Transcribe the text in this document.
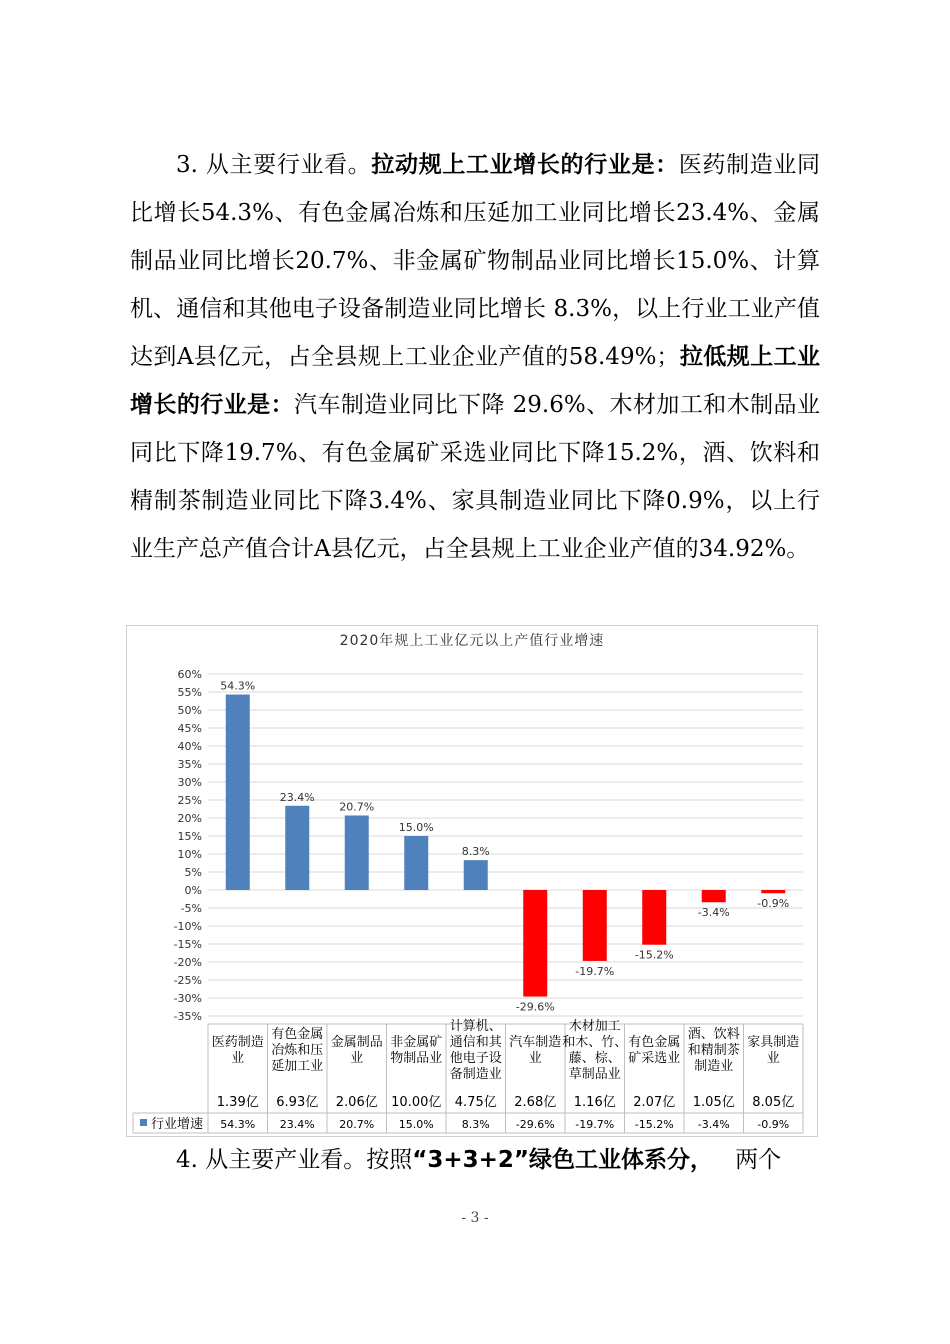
3. 从主要行业看。拉动规上工业增长的行业是：医药制造业同比增长54.3%、有色金属冶炼和压延加工业同比增长23.4%、金属制品业同比增长20.7%、非金属矿物制品业同比增长15.0%、计算机、通信和其他电子设备制造业同比增长 8.3%，以上行业工业产值达到A县亿元，占全县规上工业企业产值的58.49%；拉低规上工业增长的行业是：汽车制造业同比下降 29.6%、木材加工和木制品业同比下降19.7%、有色金属矿采选业同比下降15.2%，酒、饮料和精制茶制造业同比下降3.4%、家具制造业同比下降0.9%，以上行业生产总产值合计A县亿元，占全县规上工业企业产值的34.92%。

2020年规上工业亿元以上产值行业增速
60%
55%
50%
45%
40%
35%
30%
25%
20%
15%
10%
5%
0%
-5%
-10%
-15%
-20%
-25%
-30%
-35%
54.3%
23.4%
20.7%
15.0%
8.3%
-29.6%
-19.7%
-15.2%
-3.4%
-0.9%
医药制造
业
1.39亿
54.3%
有色金属
冶炼和压
延加工业
6.93亿
23.4%
金属制品
业
2.06亿
20.7%
非金属矿
物制品业
10.00亿
15.0%
计算机、
通信和其
他电子设
备制造业
4.75亿
8.3%
汽车制造
业
2.68亿
-29.6%
木材加工
和木、竹、
藤、棕、
草制品业
1.16亿
-19.7%
有色金属
矿采选业
2.07亿
-15.2%
酒、饮料
和精制茶
制造业
1.05亿
-3.4%
家具制造
业
8.05亿
-0.9%
行业增速

4. 从主要产业看。按照“3+3+2”绿色工业体系分， 两个

- 3 -
